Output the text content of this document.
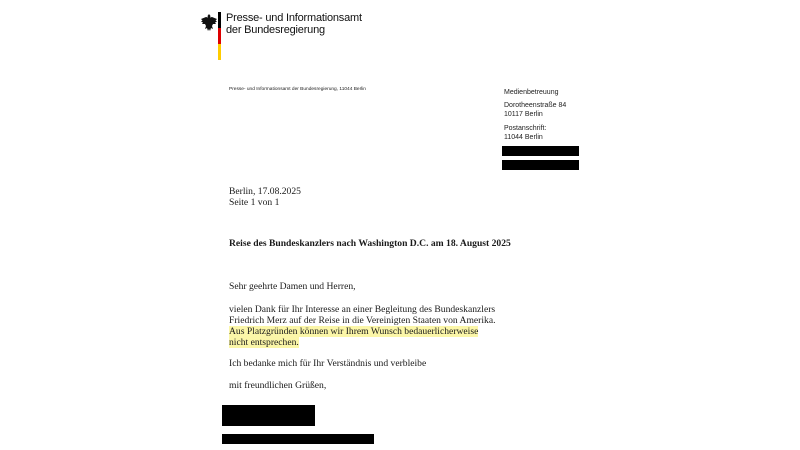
Presse- und Informationsamt
der Bundesregierung
Presse- und Informationsamt der Bundesregierung, 11044 Berlin	Medienbetreuung
Dorotheenstraße 84
10117 Berlin
Postanschrift:
11044 Berlin
Berlin, 17.08.2025
Seite 1 von 1
Reise des Bundeskanzlers nach Washington D.C. am 18. August 2025
Sehr geehrte Damen und Herren,
vielen Dank für Ihr Interesse an einer Begleitung des Bundeskanzlers
Friedrich Merz auf der Reise in die Vereinigten Staaten von Amerika.
Aus Platzgründen können wir Ihrem Wunsch bedauerlicherweise
nicht entsprechen.
Ich bedanke mich für Ihr Verständnis und verbleibe
mit freundlichen Grüßen,
